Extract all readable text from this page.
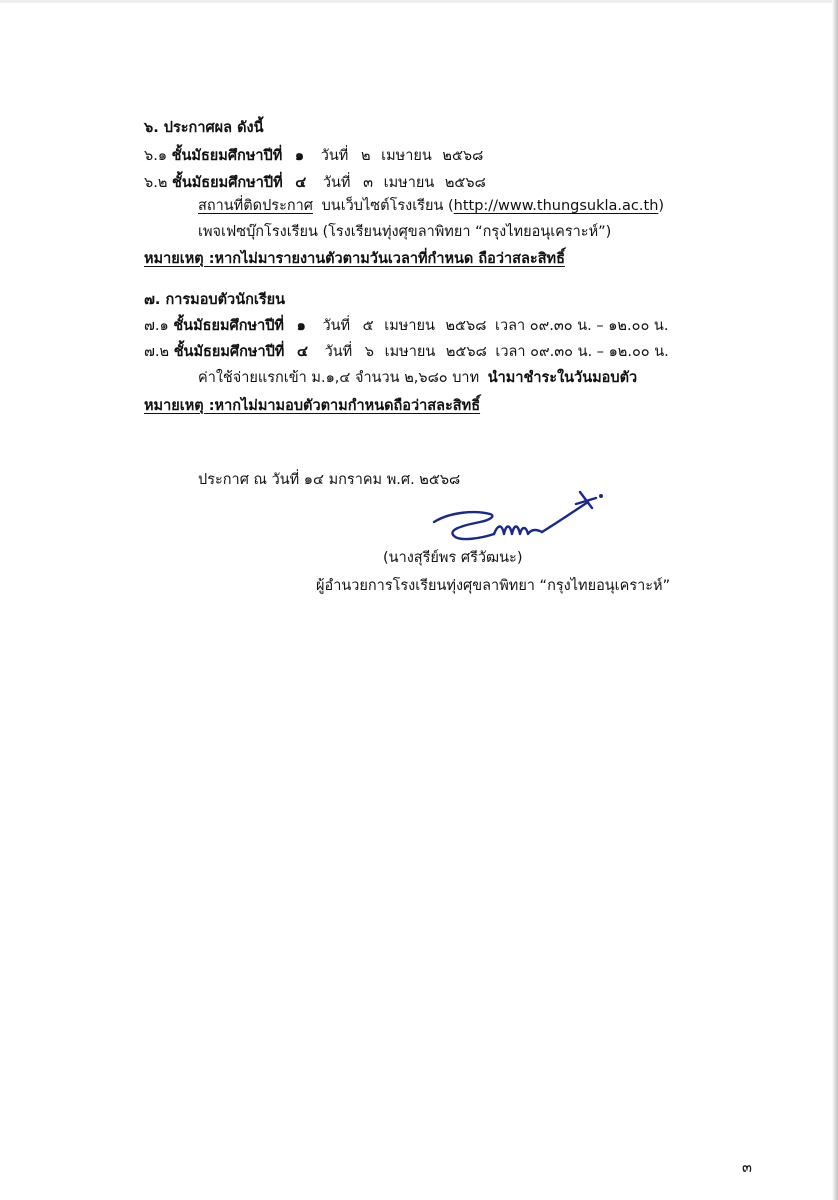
๖. ประกาศผล ดังนี้
๖.๑ ชั้นมัธยมศึกษาปีที่ ๑ วันที่ ๒ เมษายน ๒๕๖๘
๖.๒ ชั้นมัธยมศึกษาปีที่ ๔ วันที่ ๓ เมษายน ๒๕๖๘
สถานที่ติดประกาศ บนเว็บไซต์โรงเรียน (http://www.thungsukla.ac.th)
เพจเฟซบุ๊กโรงเรียน (โรงเรียนทุ่งศุขลาพิทยา “กรุงไทยอนุเคราะห์”)
หมายเหตุ :หากไม่มารายงานตัวตามวันเวลาที่กำหนด ถือว่าสละสิทธิ์
๗. การมอบตัวนักเรียน
๗.๑ ชั้นมัธยมศึกษาปีที่ ๑ วันที่ ๕ เมษายน ๒๕๖๘ เวลา ๐๙.๓๐ น. – ๑๒.๐๐ น.
๗.๒ ชั้นมัธยมศึกษาปีที่ ๔ วันที่ ๖ เมษายน ๒๕๖๘ เวลา ๐๙.๓๐ น. – ๑๒.๐๐ น.
ค่าใช้จ่ายแรกเข้า ม.๑,๔ จำนวน ๒,๖๘๐ บาท นำมาชำระในวันมอบตัว
หมายเหตุ :หากไม่มามอบตัวตามกำหนดถือว่าสละสิทธิ์
ประกาศ ณ วันที่ ๑๔ มกราคม พ.ศ. ๒๕๖๘
(นางสุรีย์พร ศรีวัฒนะ)
ผู้อำนวยการโรงเรียนทุ่งศุขลาพิทยา “กรุงไทยอนุเคราะห์”
๓
